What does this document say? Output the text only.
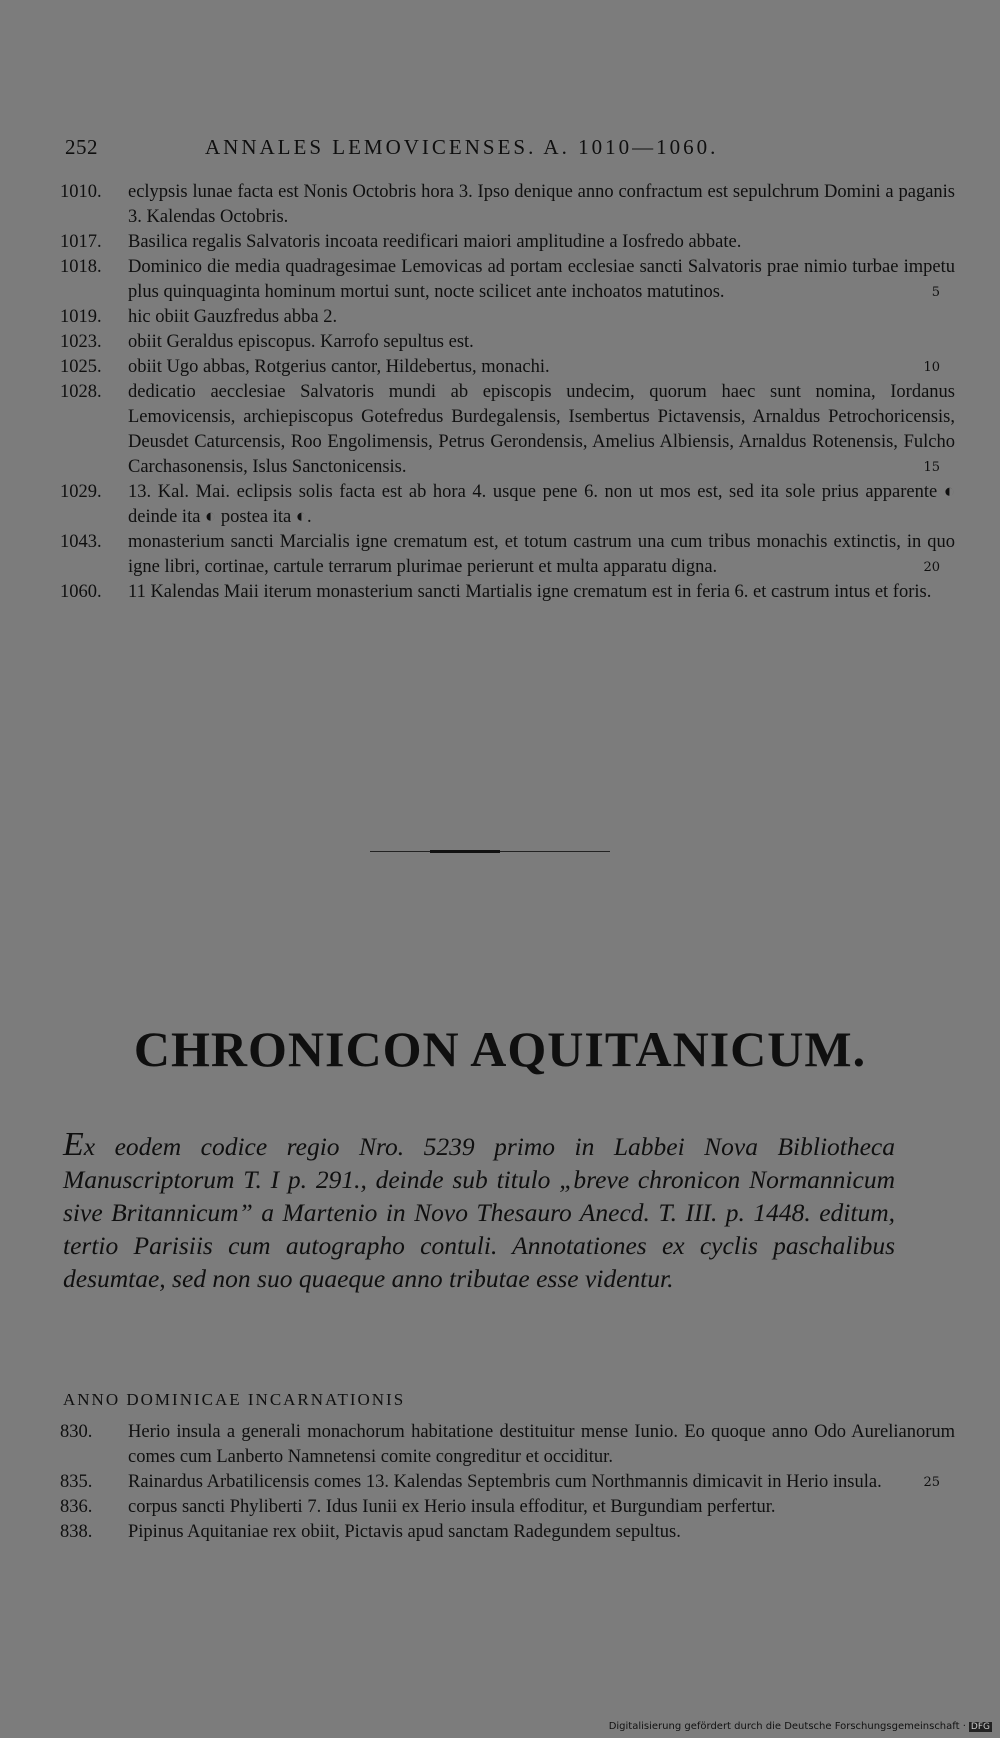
252	ANNALES LEMOVICENSES. A. 1010—1060.
1010.	eclypsis lunae facta est Nonis Octobris hora 3. Ipso denique anno confractum est sepulchrum Domini a paganis 3. Kalendas Octobris.
1017.	Basilica regalis Salvatoris incoata reedificari maiori amplitudine a Iosfredo abbate.
1018.	Dominico die media quadragesimae Lemovicas ad portam ecclesiae sancti Salvatoris prae nimio turbae impetu plus quinquaginta hominum mortui sunt, nocte scilicet ante inchoatos matutinos.	5
1019.	hic obiit Gauzfredus abba 2.
1023.	obiit Geraldus episcopus. Karrofo sepultus est.
1025.	obiit Ugo abbas, Rotgerius cantor, Hildebertus, monachi.	10
1028.	dedicatio aecclesiae Salvatoris mundi ab episcopis undecim, quorum haec sunt nomina, Iordanus Lemovicensis, archiepiscopus Gotefredus Burdegalensis, Isembertus Pictavensis, Arnaldus Petrochoricensis, Deusdet Caturcensis, Roo Engolimensis, Petrus Gerondensis, Amelius Albiensis, Arnaldus Rotenensis, Fulcho Carchasonensis, Islus Sanctonicensis.	15
1029.	13. Kal. Mai. eclipsis solis facta est ab hora 4. usque pene 6. non ut mos est, sed ita sole prius apparente ◐ deinde ita ◐ postea ita ◐.
1043.	monasterium sancti Marcialis igne crematum est, et totum castrum una cum tribus monachis extinctis, in quo igne libri, cortinae, cartule terrarum plurimae perierunt et multa apparatu digna.	20
1060.	11 Kalendas Maii iterum monasterium sancti Martialis igne crematum est in feria 6. et castrum intus et foris.
CHRONICON AQUITANICUM.
Ex eodem codice regio Nro. 5239 primo in Labbei Nova Bibliotheca Manuscriptorum T. I p. 291., deinde sub titulo „breve chronicon Normannicum sive Britannicum” a Martenio in Novo Thesauro Anecd. T. III. p. 1448. editum, tertio Parisiis cum autographo contuli. Annotationes ex cyclis paschalibus desumtae, sed non suo quaeque anno tributae esse videntur.
ANNO DOMINICAE INCARNATIONIS
830.	Herio insula a generali monachorum habitatione destituitur mense Iunio. Eo quoque anno Odo Aurelianorum comes cum Lanberto Namnetensi comite congreditur et occiditur.
835.	Rainardus Arbatilicensis comes 13. Kalendas Septembris cum Northmannis dimicavit in Herio insula.	25
836.	corpus sancti Phyliberti 7. Idus Iunii ex Herio insula effoditur, et Burgundiam perfertur.
838.	Pipinus Aquitaniae rex obiit, Pictavis apud sanctam Radegundem sepultus.
Digitalisierung gefördert durch die Deutsche Forschungsgemeinschaft · DFG
